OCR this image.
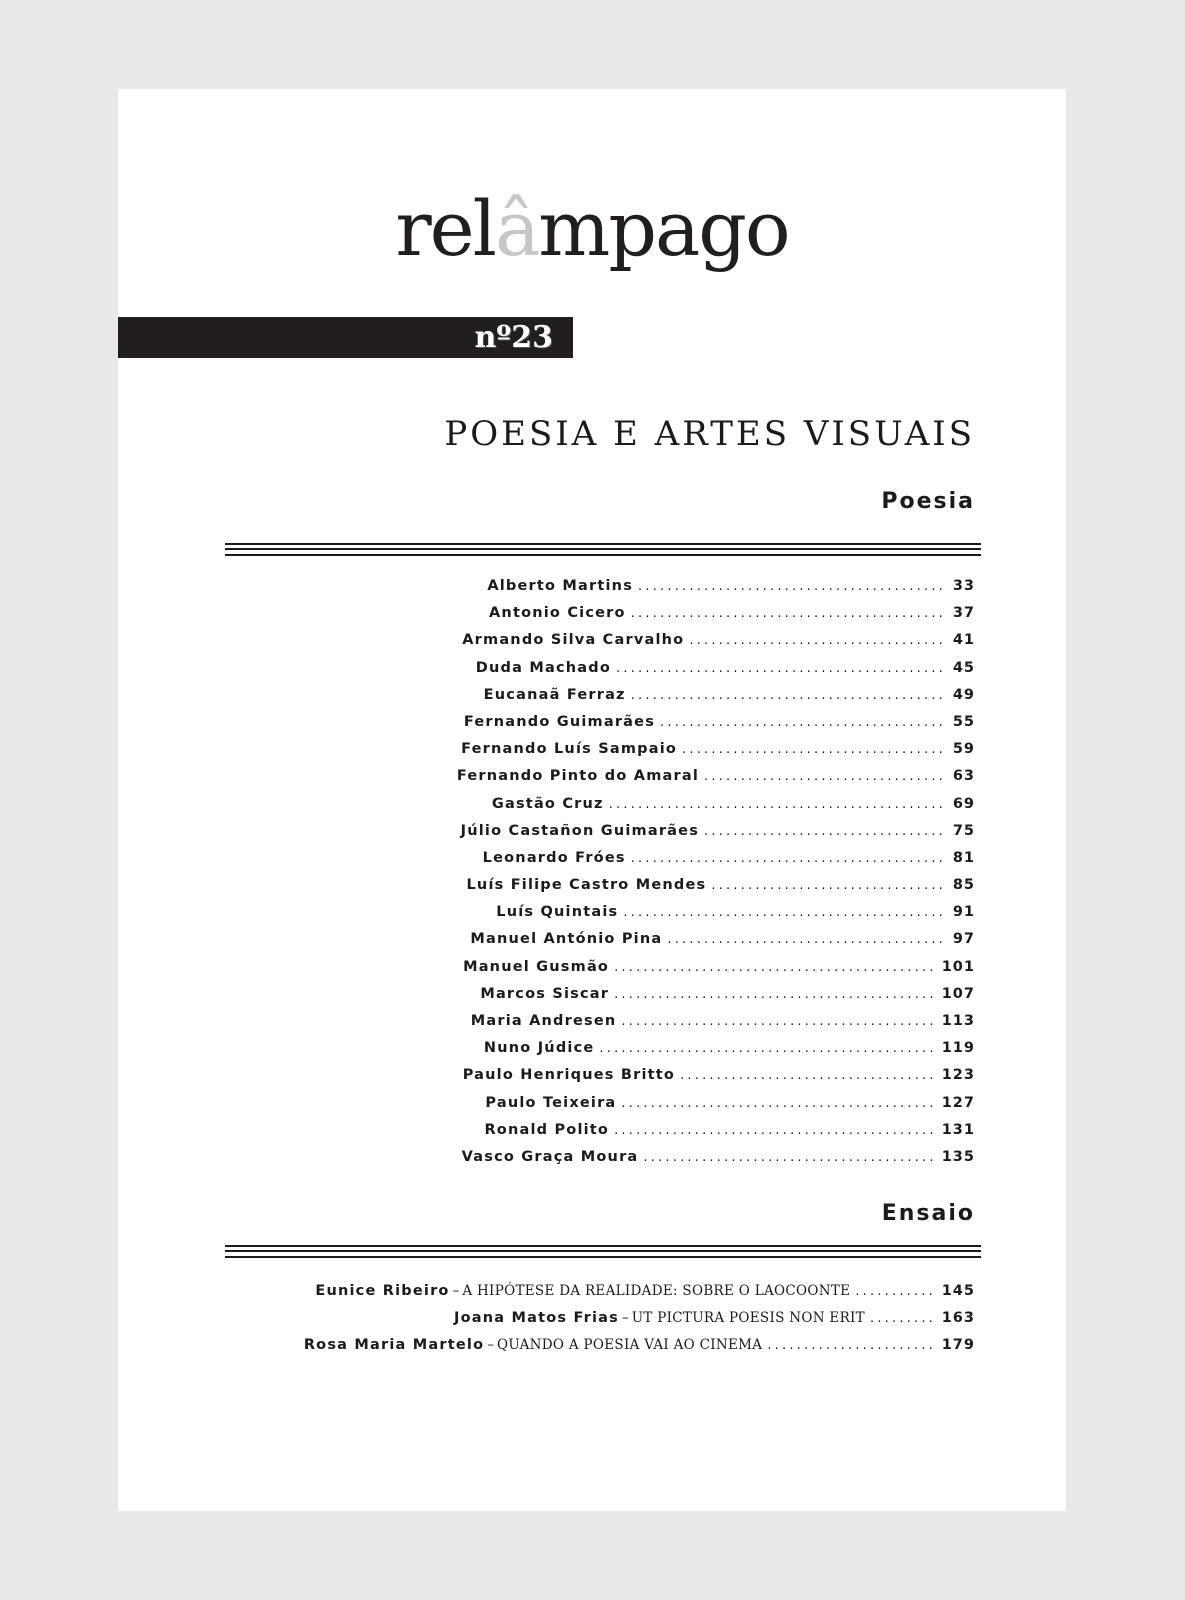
relâmpago
nº23
POESIA E ARTES VISUAIS
Poesia
Alberto Martins .......................................... 33
Antonio Cicero ........................................... 37
Armando Silva Carvalho ................................... 41
Duda Machado ............................................. 45
Eucanaã Ferraz ........................................... 49
Fernando Guimarães ....................................... 55
Fernando Luís Sampaio .................................... 59
Fernando Pinto do Amaral ................................. 63
Gastão Cruz .............................................. 69
Júlio Castañon Guimarães ................................. 75
Leonardo Fróes ........................................... 81
Luís Filipe Castro Mendes ................................ 85
Luís Quintais ............................................ 91
Manuel António Pina ...................................... 97
Manuel Gusmão ............................................ 101
Marcos Siscar ............................................ 107
Maria Andresen ........................................... 113
Nuno Júdice .............................................. 119
Paulo Henriques Britto ................................... 123
Paulo Teixeira ........................................... 127
Ronald Polito ............................................ 131
Vasco Graça Moura ........................................ 135
Ensaio
Eunice Ribeiro – A HIPÓTESE DA REALIDADE: SOBRE O LAOCOONTE ........... 145
Joana Matos Frias – UT PICTURA POESIS NON ERIT ......... 163
Rosa Maria Martelo – QUANDO A POESIA VAI AO CINEMA ....................... 179
